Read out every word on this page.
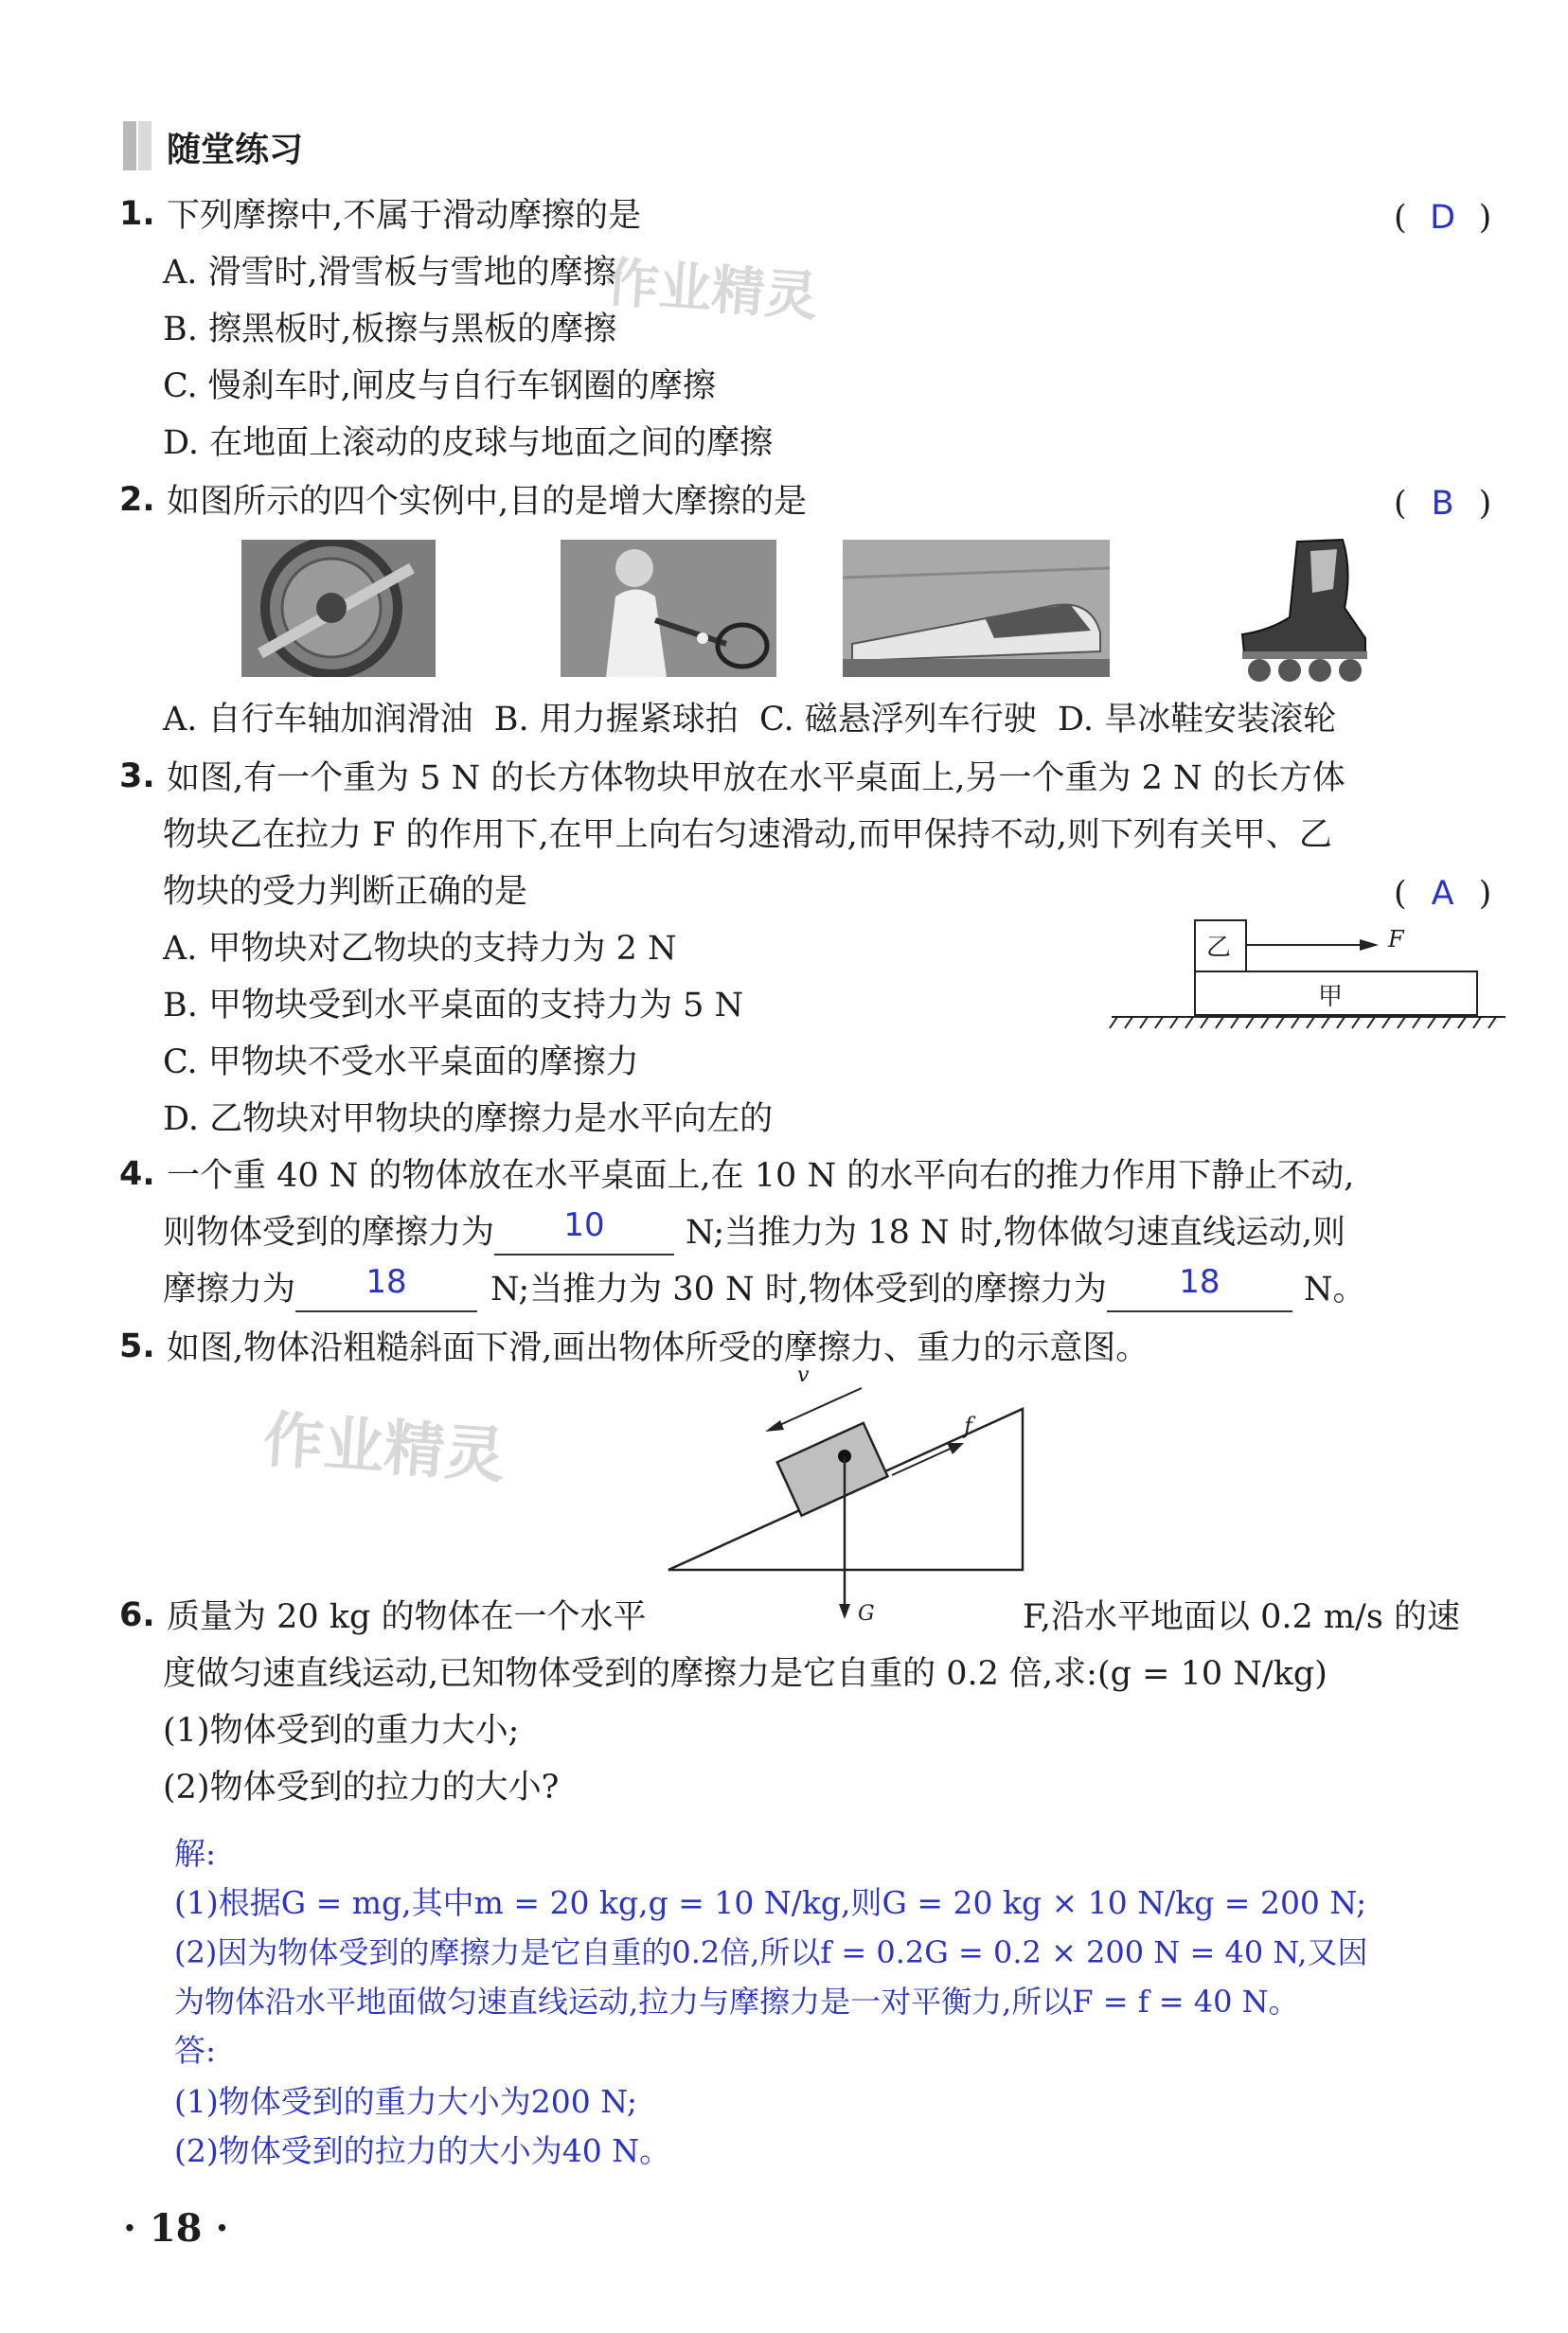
随堂练习
作业精灵
作业精灵
1. 下列摩擦中,不属于滑动摩擦的是	( D )
A. 滑雪时,滑雪板与雪地的摩擦
B. 擦黑板时,板擦与黑板的摩擦
C. 慢刹车时,闸皮与自行车钢圈的摩擦
D. 在地面上滚动的皮球与地面之间的摩擦
2. 如图所示的四个实例中,目的是增大摩擦的是	( B )
A. 自行车轴加润滑油  B. 用力握紧球拍  C. 磁悬浮列车行驶  D. 旱冰鞋安装滚轮
3. 如图,有一个重为 5 N 的长方体物块甲放在水平桌面上,另一个重为 2 N 的长方体
物块乙在拉力 F 的作用下,在甲上向右匀速滑动,而甲保持不动,则下列有关甲、乙
物块的受力判断正确的是	( A )
A. 甲物块对乙物块的支持力为 2 N
B. 甲物块受到水平桌面的支持力为 5 N
C. 甲物块不受水平桌面的摩擦力
D. 乙物块对甲物块的摩擦力是水平向左的
乙
甲
F
4. 一个重 40 N 的物体放在水平桌面上,在 10 N 的水平向右的推力作用下静止不动,
则物体受到的摩擦力为	10	N;当推力为 18 N 时,物体做匀速直线运动,则
摩擦力为	18	N;当推力为 30 N 时,物体受到的摩擦力为	18	N。
5. 如图,物体沿粗糙斜面下滑,画出物体所受的摩擦力、重力的示意图。
v
f
G
6. 质量为 20 kg 的物体在一个水平	F,沿水平地面以 0.2 m/s 的速
度做匀速直线运动,已知物体受到的摩擦力是它自重的 0.2 倍,求:(g = 10 N/kg)
(1)物体受到的重力大小;
(2)物体受到的拉力的大小?
解:
(1)根据G = mg,其中m = 20 kg,g = 10 N/kg,则G = 20 kg × 10 N/kg = 200 N;
(2)因为物体受到的摩擦力是它自重的0.2倍,所以f = 0.2G = 0.2 × 200 N = 40 N,又因
为物体沿水平地面做匀速直线运动,拉力与摩擦力是一对平衡力,所以F = f = 40 N。
答:
(1)物体受到的重力大小为200 N;
(2)物体受到的拉力的大小为40 N。
· 18 ·
